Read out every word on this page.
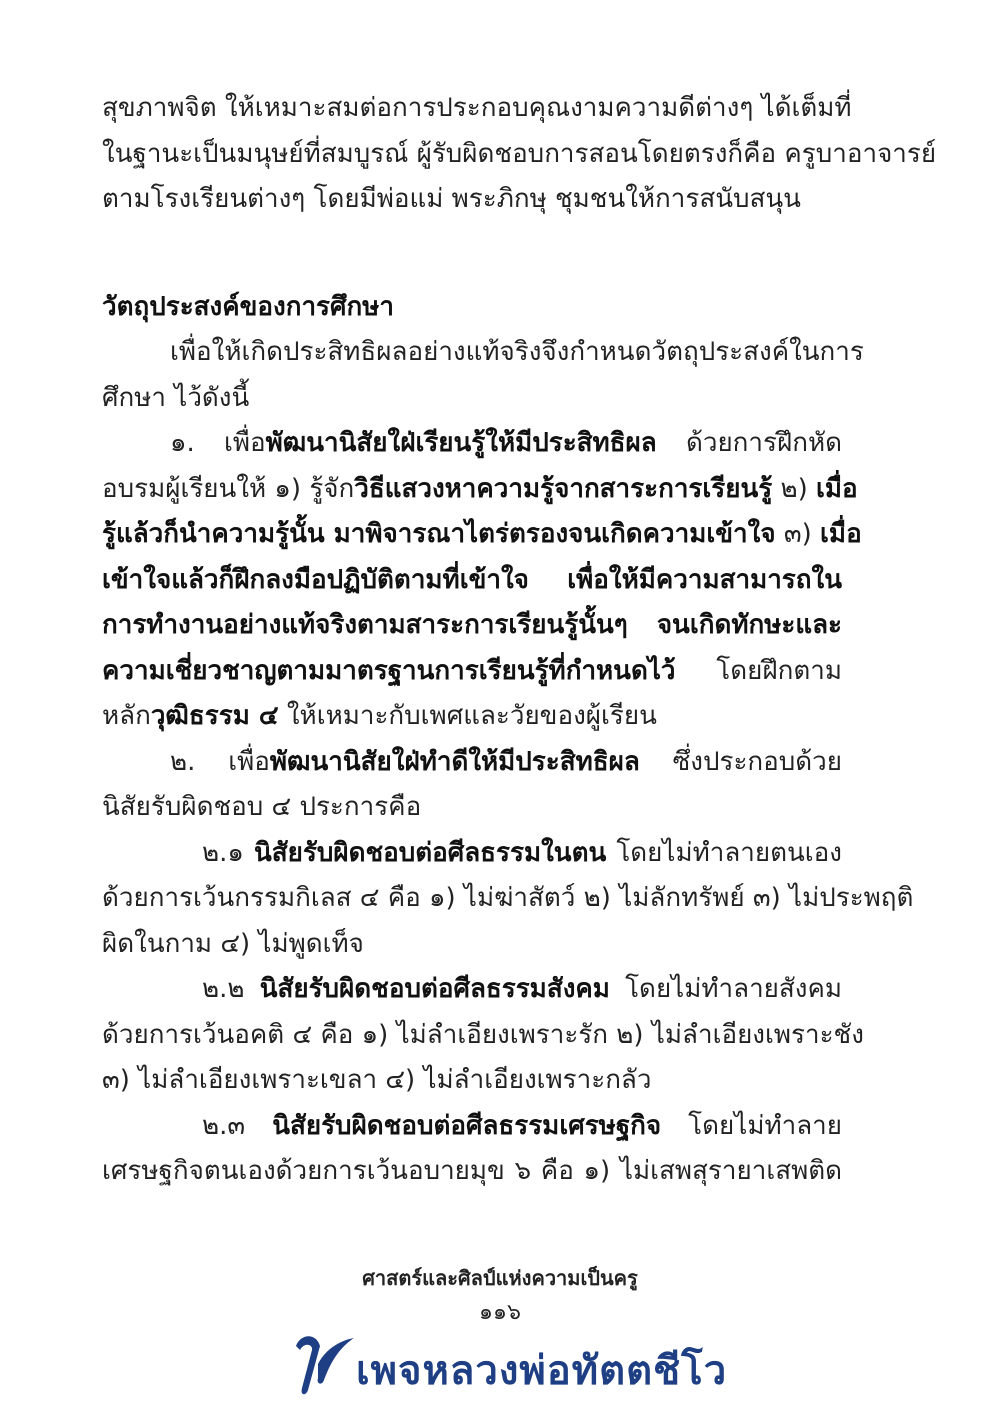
สุขภาพจิต ให้เหมาะสมต่อการประกอบคุณงามความดีต่างๆ ได้เต็มที่
ในฐานะเป็นมนุษย์ที่สมบูรณ์ ผู้รับผิดชอบการสอนโดยตรงก็คือ ครูบาอาจารย์
ตามโรงเรียนต่างๆ โดยมีพ่อแม่ พระภิกษุ ชุมชนให้การสนับสนุน
วัตถุประสงค์ของการศึกษา
เพื่อให้เกิดประสิทธิผลอย่างแท้จริงจึงกำหนดวัตถุประสงค์ในการ
ศึกษา ไว้ดังนี้
๑. เพื่อพัฒนานิสัยใฝ่เรียนรู้ให้มีประสิทธิผล ด้วยการฝึกหัด
อบรมผู้เรียนให้ ๑) รู้จักวิธีแสวงหาความรู้จากสาระการเรียนรู้ ๒) เมื่อ
รู้แล้วก็นำความรู้นั้น มาพิจารณาไตร่ตรองจนเกิดความเข้าใจ ๓) เมื่อ
เข้าใจแล้วก็ฝึกลงมือปฏิบัติตามที่เข้าใจ เพื่อให้มีความสามารถใน
การทำงานอย่างแท้จริงตามสาระการเรียนรู้นั้นๆ จนเกิดทักษะและ
ความเชี่ยวชาญตามมาตรฐานการเรียนรู้ที่กำหนดไว้ โดยฝึกตาม
หลักวุฒิธรรม ๔ ให้เหมาะกับเพศและวัยของผู้เรียน
๒. เพื่อพัฒนานิสัยใฝ่ทำดีให้มีประสิทธิผล ซึ่งประกอบด้วย
นิสัยรับผิดชอบ ๔ ประการคือ
๒.๑ นิสัยรับผิดชอบต่อศีลธรรมในตน โดยไม่ทำลายตนเอง
ด้วยการเว้นกรรมกิเลส ๔ คือ ๑) ไม่ฆ่าสัตว์ ๒) ไม่ลักทรัพย์ ๓) ไม่ประพฤติ
ผิดในกาม ๔) ไม่พูดเท็จ
๒.๒ นิสัยรับผิดชอบต่อศีลธรรมสังคม โดยไม่ทำลายสังคม
ด้วยการเว้นอคติ ๔ คือ ๑) ไม่ลำเอียงเพราะรัก ๒) ไม่ลำเอียงเพราะชัง
๓) ไม่ลำเอียงเพราะเขลา ๔) ไม่ลำเอียงเพราะกลัว
๒.๓ นิสัยรับผิดชอบต่อศีลธรรมเศรษฐกิจ โดยไม่ทำลาย
เศรษฐกิจตนเองด้วยการเว้นอบายมุข ๖ คือ ๑) ไม่เสพสุรายาเสพติด
ศาสตร์และศิลป์แห่งความเป็นครู
๑๑๖
เพจหลวงพ่อทัตตชีโว
